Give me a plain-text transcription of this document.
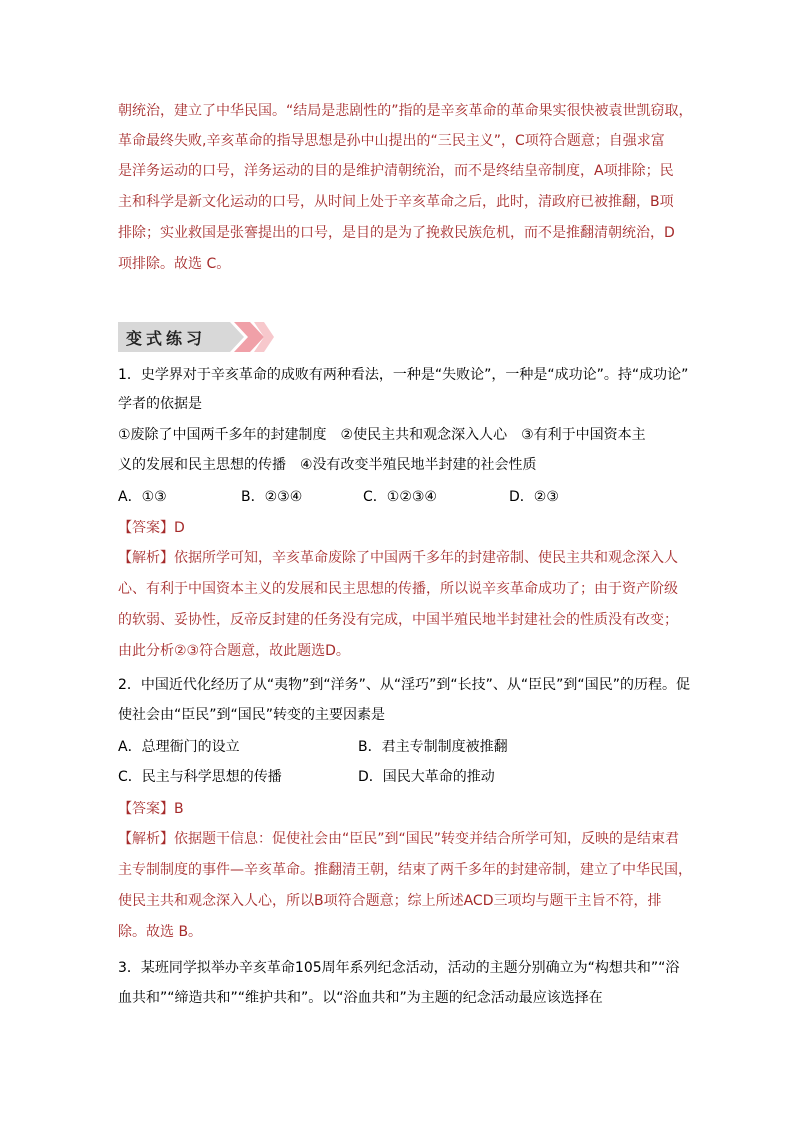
朝统治，建立了中华民国。“结局是悲剧性的”指的是辛亥革命的革命果实很快被袁世凯窃取，
革命最终失败,辛亥革命的指导思想是孙中山提出的“三民主义”，C项符合题意；自强求富
是洋务运动的口号，洋务运动的目的是维护清朝统治，而不是终结皇帝制度，A项排除；民
主和科学是新文化运动的口号，从时间上处于辛亥革命之后，此时，清政府已被推翻，B项
排除；实业救国是张謇提出的口号，是目的是为了挽救民族危机，而不是推翻清朝统治，D
项排除。故选 C。
变式练习
1．史学界对于辛亥革命的成败有两种看法，一种是“失败论”，一种是“成功论”。持“成功论”
学者的依据是
①废除了中国两千多年的封建制度　②使民主共和观念深入人心　③有利于中国资本主
义的发展和民主思想的传播　④没有改变半殖民地半封建的社会性质
A．①③	B．②③④	C．①②③④	D．②③
【答案】D
【解析】依据所学可知，辛亥革命废除了中国两千多年的封建帝制、使民主共和观念深入人
心、有利于中国资本主义的发展和民主思想的传播，所以说辛亥革命成功了；由于资产阶级
的软弱、妥协性，反帝反封建的任务没有完成，中国半殖民地半封建社会的性质没有改变；
由此分析②③符合题意，故此题选D。
2．中国近代化经历了从“夷物”到“洋务”、从“淫巧”到“长技”、从“臣民”到“国民”的历程。促
使社会由“臣民”到“国民”转变的主要因素是
A．总理衙门的设立	B．君主专制制度被推翻
C．民主与科学思想的传播	D．国民大革命的推动
【答案】B
【解析】依据题干信息：促使社会由“臣民”到“国民”转变并结合所学可知，反映的是结束君
主专制制度的事件—辛亥革命。推翻清王朝，结束了两千多年的封建帝制，建立了中华民国，
使民主共和观念深入人心，所以B项符合题意；综上所述ACD三项均与题干主旨不符，排
除。故选 B。
3．某班同学拟举办辛亥革命105周年系列纪念活动，活动的主题分别确立为“构想共和”“浴
血共和”“缔造共和”“维护共和”。以“浴血共和”为主题的纪念活动最应该选择在
